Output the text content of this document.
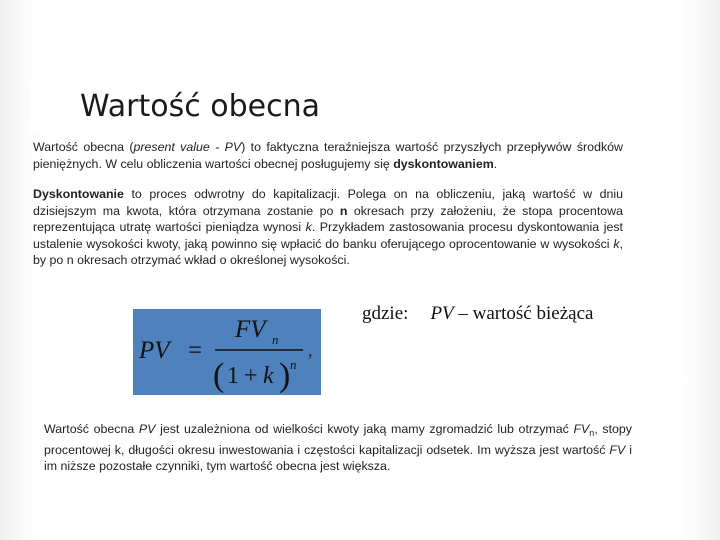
Wartość obecna
Wartość obecna (present value - PV) to faktyczna teraźniejsza wartość przyszłych przepływów środków pieniężnych. W celu obliczenia wartości obecnej posługujemy się dyskontowaniem.
Dyskontowanie to proces odwrotny do kapitalizacji. Polega on na obliczeniu, jaką wartość w dniu dzisiejszym ma kwota, która otrzymana zostanie po n okresach przy założeniu, że stopa procentowa reprezentująca utratę wartości pieniądza wynosi k. Przykładem zastosowania procesu dyskontowania jest ustalenie wysokości kwoty, jaką powinno się wpłacić do banku oferującego oprocentowanie w wysokości k, by po n okresach otrzymać wkład o określonej wysokości.
PV =
FV n
( 1 + k ) n
,
gdzie: PV – wartość bieżąca
Wartość obecna PV jest uzależniona od wielkości kwoty jaką mamy zgromadzić lub otrzymać $FV_n$, stopy procentowej k, długości okresu inwestowania i częstości kapitalizacji odsetek. Im wyższa jest wartość FV i im niższe pozostałe czynniki, tym wartość obecna jest większa.
